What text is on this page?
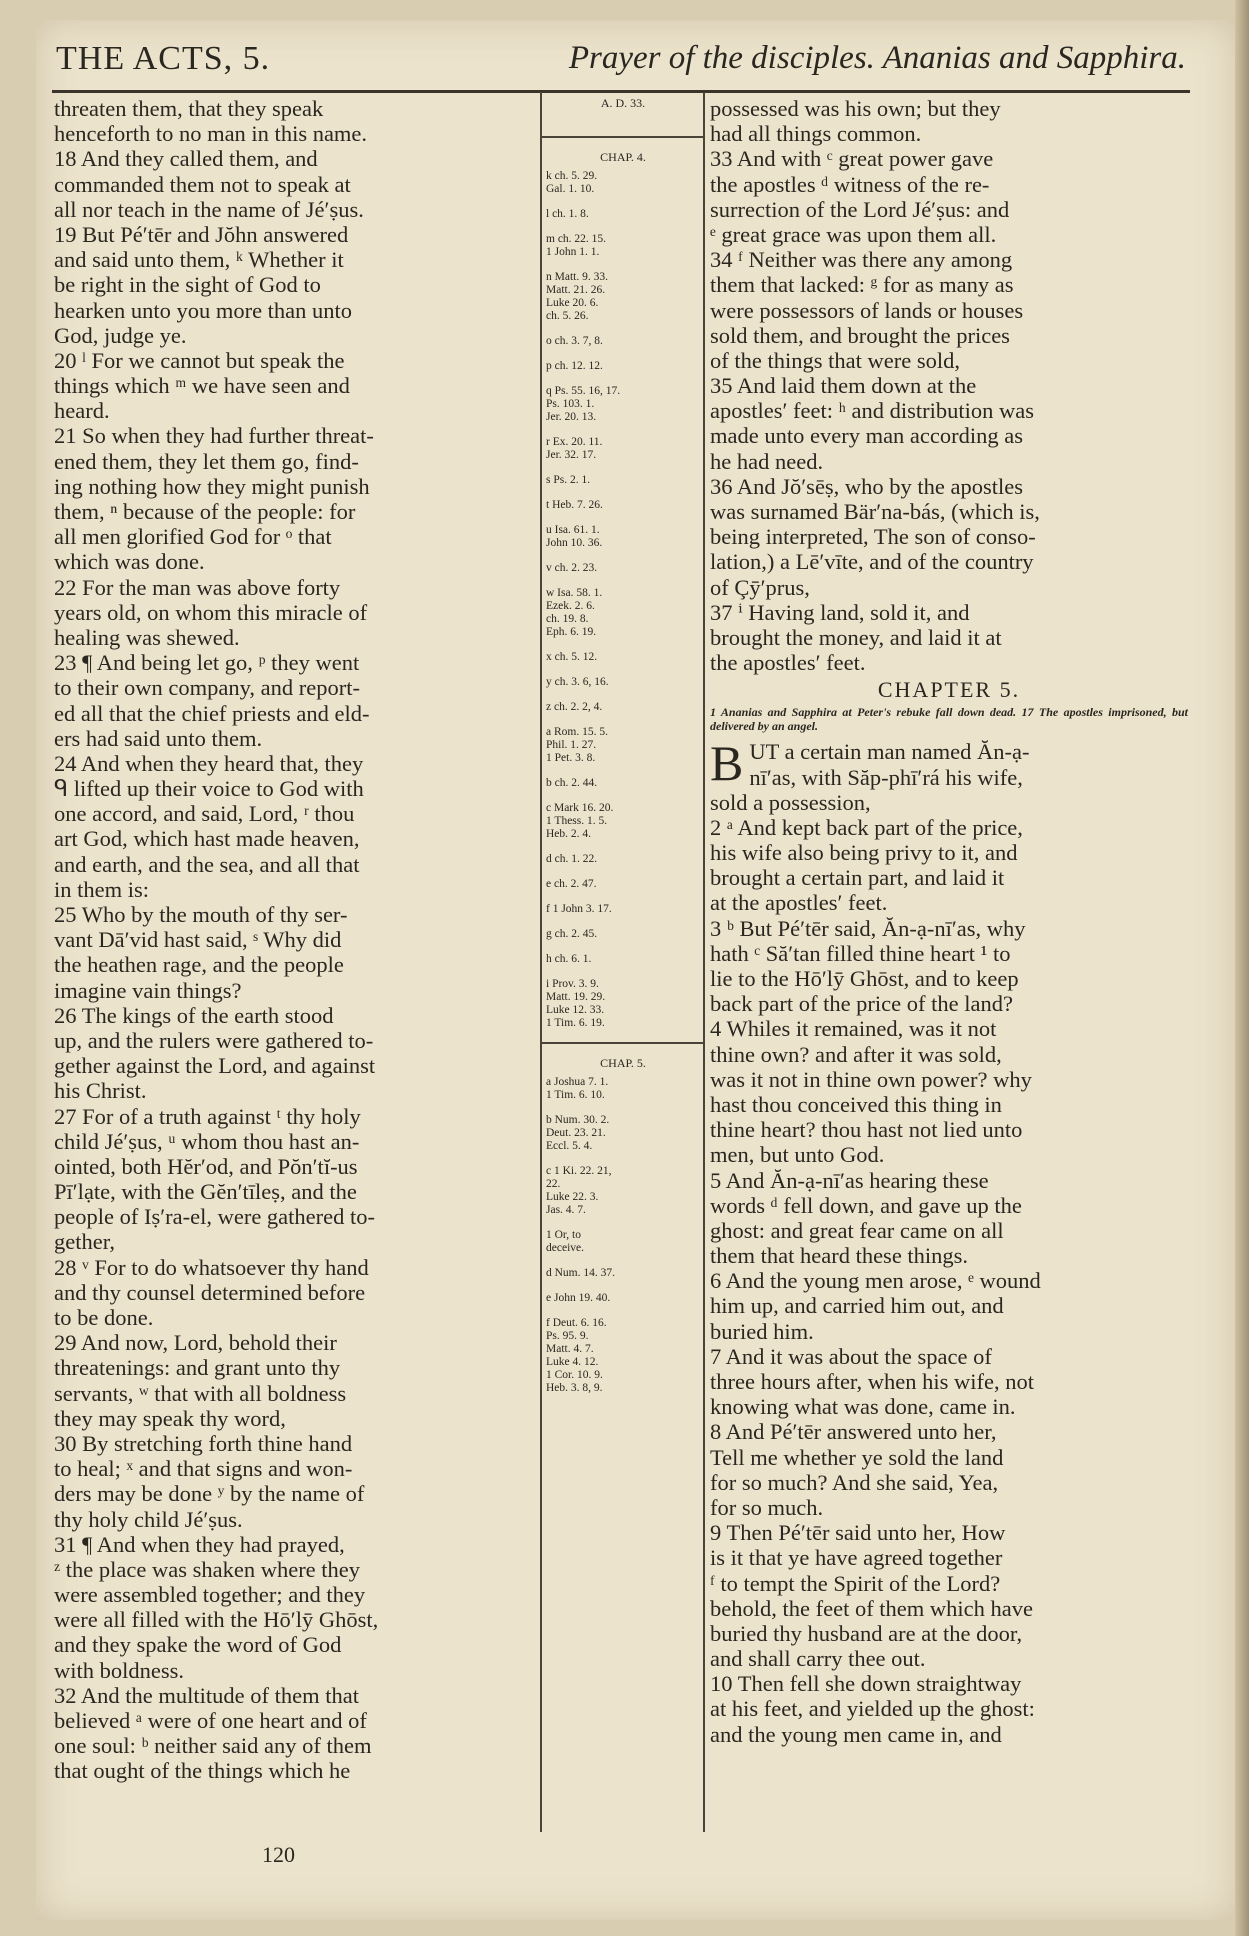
THE ACTS, 5.	Prayer of the disciples. Ananias and Sapphira.
threaten them, that they speak
henceforth to no man in this name.
18 And they called them, and
commanded them not to speak at
all nor teach in the name of Jé′ṣus.
19 But Pé′tēr and Jŏhn answered
and said unto them, ᵏ Whether it
be right in the sight of God to
hearken unto you more than unto
God, judge ye.
20 ˡ For we cannot but speak the
things which ᵐ we have seen and
heard.
21 So when they had further threat-
ened them, they let them go, find-
ing nothing how they might punish
them, ⁿ because of the people: for
all men glorified God for ᵒ that
which was done.
22 For the man was above forty
years old, on whom this miracle of
healing was shewed.
23 ¶ And being let go, ᵖ they went
to their own company, and report-
ed all that the chief priests and eld-
ers had said unto them.
24 And when they heard that, they
ᑫ lifted up their voice to God with
one accord, and said, Lord, ʳ thou
art God, which hast made heaven,
and earth, and the sea, and all that
in them is:
25 Who by the mouth of thy ser-
vant Dā′vid hast said, ˢ Why did
the heathen rage, and the people
imagine vain things?
26 The kings of the earth stood
up, and the rulers were gathered to-
gether against the Lord, and against
his Christ.
27 For of a truth against ᵗ thy holy
child Jé′ṣus, ᵘ whom thou hast an-
ointed, both Hĕr′od, and Pŏn′tĭ-us
Pī′lạte, with the Gĕn′tīleṣ, and the
people of Iṣ′ra-el, were gathered to-
gether,
28 ᵛ For to do whatsoever thy hand
and thy counsel determined before
to be done.
29 And now, Lord, behold their
threatenings: and grant unto thy
servants, ʷ that with all boldness
they may speak thy word,
30 By stretching forth thine hand
to heal; ˣ and that signs and won-
ders may be done ʸ by the name of
thy holy child Jé′ṣus.
31 ¶ And when they had prayed,
ᶻ the place was shaken where they
were assembled together; and they
were all filled with the Hō′lȳ Ghōst,
and they spake the word of God
with boldness.
32 And the multitude of them that
believed ᵃ were of one heart and of
one soul: ᵇ neither said any of them
that ought of the things which he
A. D. 33.
CHAP. 4.
k ch. 5. 29.
Gal. 1. 10.
l ch. 1. 8.
m ch. 22. 15.
1 John 1. 1.
n Matt. 9. 33.
Matt. 21. 26.
Luke 20. 6.
ch. 5. 26.
o ch. 3. 7, 8.
p ch. 12. 12.
q Ps. 55. 16, 17.
Ps. 103. 1.
Jer. 20. 13.
r Ex. 20. 11.
Jer. 32. 17.
s Ps. 2. 1.
t Heb. 7. 26.
u Isa. 61. 1.
John 10. 36.
v ch. 2. 23.
w Isa. 58. 1.
Ezek. 2. 6.
ch. 19. 8.
Eph. 6. 19.
x ch. 5. 12.
y ch. 3. 6, 16.
z ch. 2. 2, 4.
a Rom. 15. 5.
Phil. 1. 27.
1 Pet. 3. 8.
b ch. 2. 44.
c Mark 16. 20.
1 Thess. 1. 5.
Heb. 2. 4.
d ch. 1. 22.
e ch. 2. 47.
f 1 John 3. 17.
g ch. 2. 45.
h ch. 6. 1.
i Prov. 3. 9.
Matt. 19. 29.
Luke 12. 33.
1 Tim. 6. 19.
CHAP. 5.
a Joshua 7. 1.
1 Tim. 6. 10.
b Num. 30. 2.
Deut. 23. 21.
Eccl. 5. 4.
c 1 Ki. 22. 21,
22.
Luke 22. 3.
Jas. 4. 7.
1 Or, to
deceive.
d Num. 14. 37.
e John 19. 40.
f Deut. 6. 16.
Ps. 95. 9.
Matt. 4. 7.
Luke 4. 12.
1 Cor. 10. 9.
Heb. 3. 8, 9.
possessed was his own; but they
had all things common.
33 And with ᶜ great power gave
the apostles ᵈ witness of the re-
surrection of the Lord Jé′ṣus: and
ᵉ great grace was upon them all.
34 ᶠ Neither was there any among
them that lacked: ᵍ for as many as
were possessors of lands or houses
sold them, and brought the prices
of the things that were sold,
35 And laid them down at the
apostles′ feet: ʰ and distribution was
made unto every man according as
he had need.
36 And Jŏ′sēṣ, who by the apostles
was surnamed Bär′na-bás, (which is,
being interpreted, The son of conso-
lation,) a Lē′vīte, and of the country
of Çȳ′prus,
37 ⁱ Having land, sold it, and
brought the money, and laid it at
the apostles′ feet.
CHAPTER 5.
1 Ananias and Sapphira at Peter's rebuke fall down dead. 17 The apostles imprisoned, but delivered by an angel.
B UT a certain man named Ăn-ạ-
nī′as, with Săp-phī′rá his wife,
sold a possession,
2 ᵃ And kept back part of the price,
his wife also being privy to it, and
brought a certain part, and laid it
at the apostles′ feet.
3 ᵇ But Pé′tēr said, Ăn-ạ-nī′as, why
hath ᶜ Să′tan filled thine heart ¹ to
lie to the Hō′lȳ Ghōst, and to keep
back part of the price of the land?
4 Whiles it remained, was it not
thine own? and after it was sold,
was it not in thine own power? why
hast thou conceived this thing in
thine heart? thou hast not lied unto
men, but unto God.
5 And Ăn-ạ-nī′as hearing these
words ᵈ fell down, and gave up the
ghost: and great fear came on all
them that heard these things.
6 And the young men arose, ᵉ wound
him up, and carried him out, and
buried him.
7 And it was about the space of
three hours after, when his wife, not
knowing what was done, came in.
8 And Pé′tēr answered unto her,
Tell me whether ye sold the land
for so much? And she said, Yea,
for so much.
9 Then Pé′tēr said unto her, How
is it that ye have agreed together
ᶠ to tempt the Spirit of the Lord?
behold, the feet of them which have
buried thy husband are at the door,
and shall carry thee out.
10 Then fell she down straightway
at his feet, and yielded up the ghost:
and the young men came in, and
120
